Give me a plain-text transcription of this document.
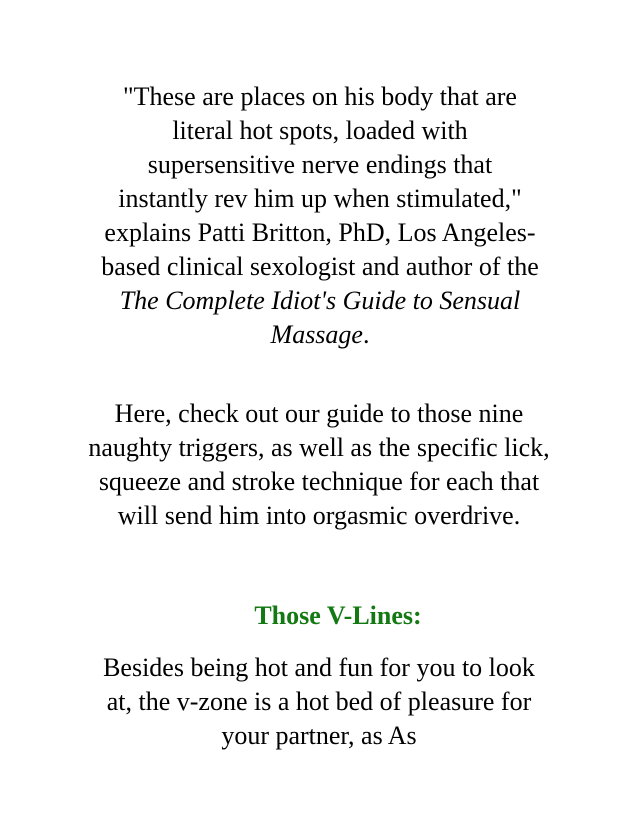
"These are places on his body that are literal hot spots, loaded with supersensitive nerve endings that instantly rev him up when stimulated," explains Patti Britton, PhD, Los Angeles-based clinical sexologist and author of the The Complete Idiot's Guide to Sensual Massage.

Here, check out our guide to those nine naughty triggers, as well as the specific lick, squeeze and stroke technique for each that will send him into orgasmic overdrive.

Those V-Lines:

Besides being hot and fun for you to look at, the v-zone is a hot bed of pleasure for your partner, as As
